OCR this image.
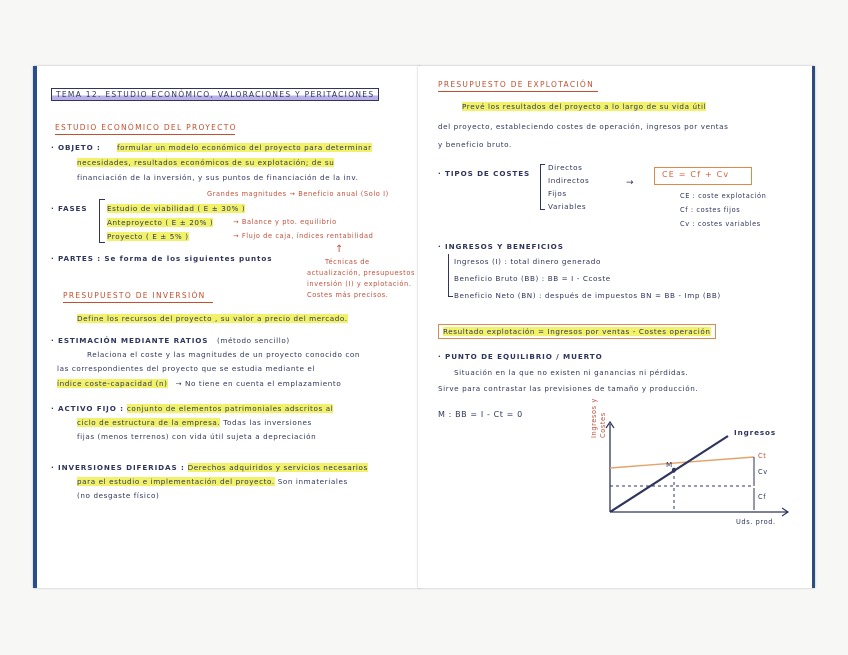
TEMA 12. ESTUDIO ECONÓMICO, VALORACIONES Y PERITACIONES
ESTUDIO ECONÓMICO DEL PROYECTO
· OBJETO : formular un modelo económico del proyecto para determinar
necesidades, resultados económicos de su explotación; de su
financiación de la inversión, y sus puntos de financiación de la inv.
· FASES
Grandes magnitudes → Beneficio anual (Solo I)
Estudio de viabilidad ( E ± 30% )
Anteproyecto ( E ± 20% )	→ Balance y pto. equilibrio
Proyecto ( E ± 5% )	→ Flujo de caja, índices rentabilidad
↑
Técnicas de
actualización, presupuestos
inversión (I) y explotación.
Costes más precisos.
· PARTES : Se forma de los siguientes puntos
PRESUPUESTO DE INVERSIÓN
Define los recursos del proyecto , su valor a precio del mercado.
· ESTIMACIÓN MEDIANTE RATIOS (método sencillo)
Relaciona el coste y las magnitudes de un proyecto conocido con
las correspondientes del proyecto que se estudia mediante el
índice coste-capacidad (n) → No tiene en cuenta el emplazamiento
· ACTIVO FIJO : conjunto de elementos patrimoniales adscritos al
ciclo de estructura de la empresa. Todas las inversiones
fijas (menos terrenos) con vida útil sujeta a depreciación
· INVERSIONES DIFERIDAS : Derechos adquiridos y servicios necesarios
para el estudio e implementación del proyecto. Son inmateriales
(no desgaste físico)
PRESUPUESTO DE EXPLOTACIÓN
Prevé los resultados del proyecto a lo largo de su vida útil
del proyecto, estableciendo costes de operación, ingresos por ventas
y beneficio bruto.
· TIPOS DE COSTES
Directos
Indirectos
Fijos
Variables
→
CE = Cf + Cv
CE : coste explotación
Cf : costes fijos
Cv : costes variables
· INGRESOS Y BENEFICIOS
Ingresos (I) : total dinero generado
Beneficio Bruto (BB) : BB = I - Ccoste
Beneficio Neto (BN) : después de impuestos BN = BB - Imp (BB)
Resultado explotación = Ingresos por ventas - Costes operación
· PUNTO DE EQUILIBRIO / MUERTO
Situación en la que no existen ni ganancias ni pérdidas.
Sirve para contrastar las previsiones de tamaño y producción.
M : BB = I - Ct = 0	Ingresos y Costes	Ingresos
M
Ct
Cv
Cf
Uds. prod.
